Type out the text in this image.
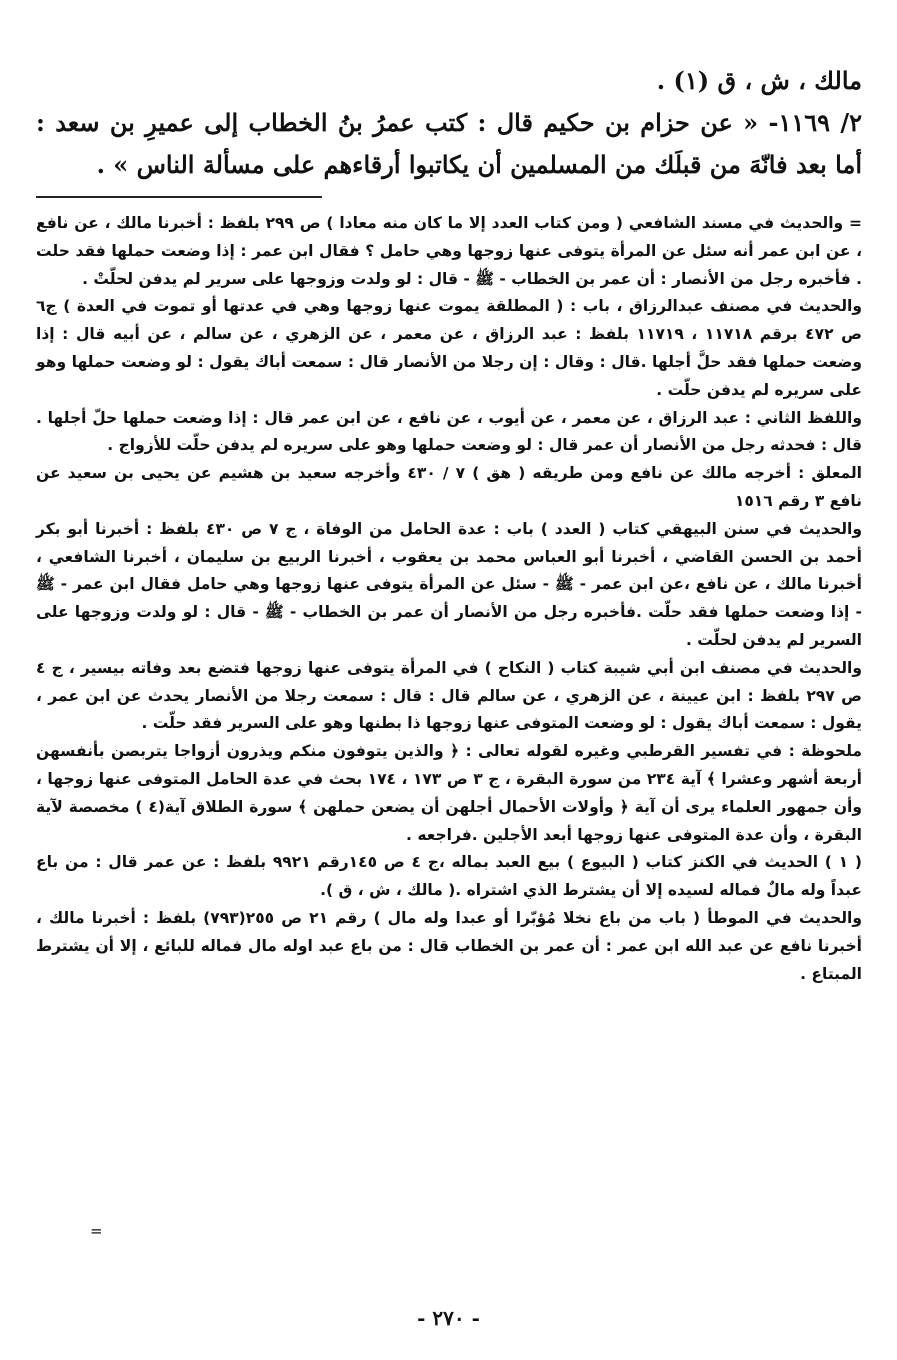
مالك ، ش ، ق (١) .

٢/ ١١٦٩- « عن حزام بن حكيم قال : كتب عمرُ بنُ الخطاب إلى عميرِ بن سعد : أما بعد فانّهَ من قبلَك من المسلمين أن يكاتبوا أرقاءهم على مسألة الناس » .

= والحديث في مسند الشافعي ( ومن كتاب العدد إلا ما كان منه معادا ) ص ٢٩٩ بلفظ : أخبرنا مالك ، عن نافع ، عن ابن عمر أنه سئل عن المرأة يتوفى عنها زوجها وهي حامل ؟ فقال ابن عمر : إذا وضعت حملها فقد حلت . فأخبره رجل من الأنصار : أن عمر بن الخطاب - ﷺ - قال : لو ولدت وزوجها على سرير لم يدفن لحلّتْ .

والحديث في مصنف عبدالرزاق ، باب : ( المطلقة يموت عنها زوجها وهي في عدتها أو تموت في العدة ) ج٦ ص ٤٧٢ برقم ١١٧١٨ ، ١١٧١٩ بلفظ : عبد الرزاق ، عن معمر ، عن الزهري ، عن سالم ، عن أبيه قال : إذا وضعت حملها فقد حلَّ أجلها .قال : وقال : إن رجلا من الأنصار قال : سمعت أباك يقول : لو وضعت حملها وهو على سريره لم يدفن حلّت .

واللفظ الثاني : عبد الرزاق ، عن معمر ، عن أيوب ، عن نافع ، عن ابن عمر قال : إذا وضعت حملها حلّ أجلها . قال : فحدثه رجل من الأنصار أن عمر قال : لو وضعت حملها وهو على سريره لم يدفن حلّت للأزواج .

المعلق : أخرجه مالك عن نافع ومن طريقه ( هق ) ٧ / ٤٣٠ وأخرجه سعيد بن هشيم عن يحيى بن سعيد عن نافع ٣ رقم ١٥١٦

والحديث في سنن البيهقي كتاب ( العدد ) باب : عدة الحامل من الوفاة ، ج ٧ ص ٤٣٠ بلفظ : أخبرنا أبو بكر أحمد بن الحسن القاضي ، أخبرنا أبو العباس محمد بن يعقوب ، أخبرنا الربيع بن سليمان ، أخبرنا الشافعي ، أخبرنا مالك ، عن نافع ،عن ابن عمر - ﷺ - سئل عن المرأة يتوفى عنها زوجها وهي حامل فقال ابن عمر - ﷺ - إذا وضعت حملها فقد حلّت .فأخبره رجل من الأنصار أن عمر بن الخطاب - ﷺ - قال : لو ولدت وزوجها على السرير لم يدفن لحلّت .

والحديث في مصنف ابن أبي شيبة كتاب ( النكاح ) في المرأة يتوفى عنها زوجها فتضع بعد وفاته بيسير ، ج ٤ ص ٢٩٧ بلفظ : ابن عيينة ، عن الزهري ، عن سالم قال : قال : سمعت رجلا من الأنصار يحدث عن ابن عمر ، يقول : سمعت أباك يقول : لو وضعت المتوفى عنها زوجها ذا بطنها وهو على السرير فقد حلّت .

ملحوظة : في تفسير القرطبي وغيره لقوله تعالى : ﴿ والذين يتوفون منكم ويذرون أزواجا يتربصن بأنفسهن أربعة أشهر وعشرا ﴾ آية ٢٣٤ من سورة البقرة ، ج ٣ ص ١٧٣ ، ١٧٤ بحث في عدة الحامل المتوفى عنها زوجها ، وأن جمهور العلماء يرى أن آية ﴿ وأولات الأحمال أجلهن أن يضعن حملهن ﴾ سورة الطلاق آية(٤ ) مخصصة لآية البقرة ، وأن عدة المتوفى عنها زوجها أبعد الأجلين .فراجعه .

( ١ ) الحديث في الكنز كتاب ( البيوع ) بيع العبد بماله ،ج ٤ ص ١٤٥رقم ٩٩٢١ بلفظ : عن عمر قال : من باع عبداً وله مالٌ فماله لسيده إلا أن يشترط الذي اشتراه .( مالك ، ش ، ق ).

والحديث في الموطأ ( باب من باع نخلا مُؤبّرا أو عبدا وله مال ) رقم ٢١ ص ٢٥٥(٧٩٣) بلفظ : أخبرنا مالك ، أخبرنا نافع عن عبد الله ابن عمر : أن عمر بن الخطاب قال : من باع عبد اوله مال فماله للبائع ، إلا أن يشترط المبتاع .

=
- ٢٧٠ -
